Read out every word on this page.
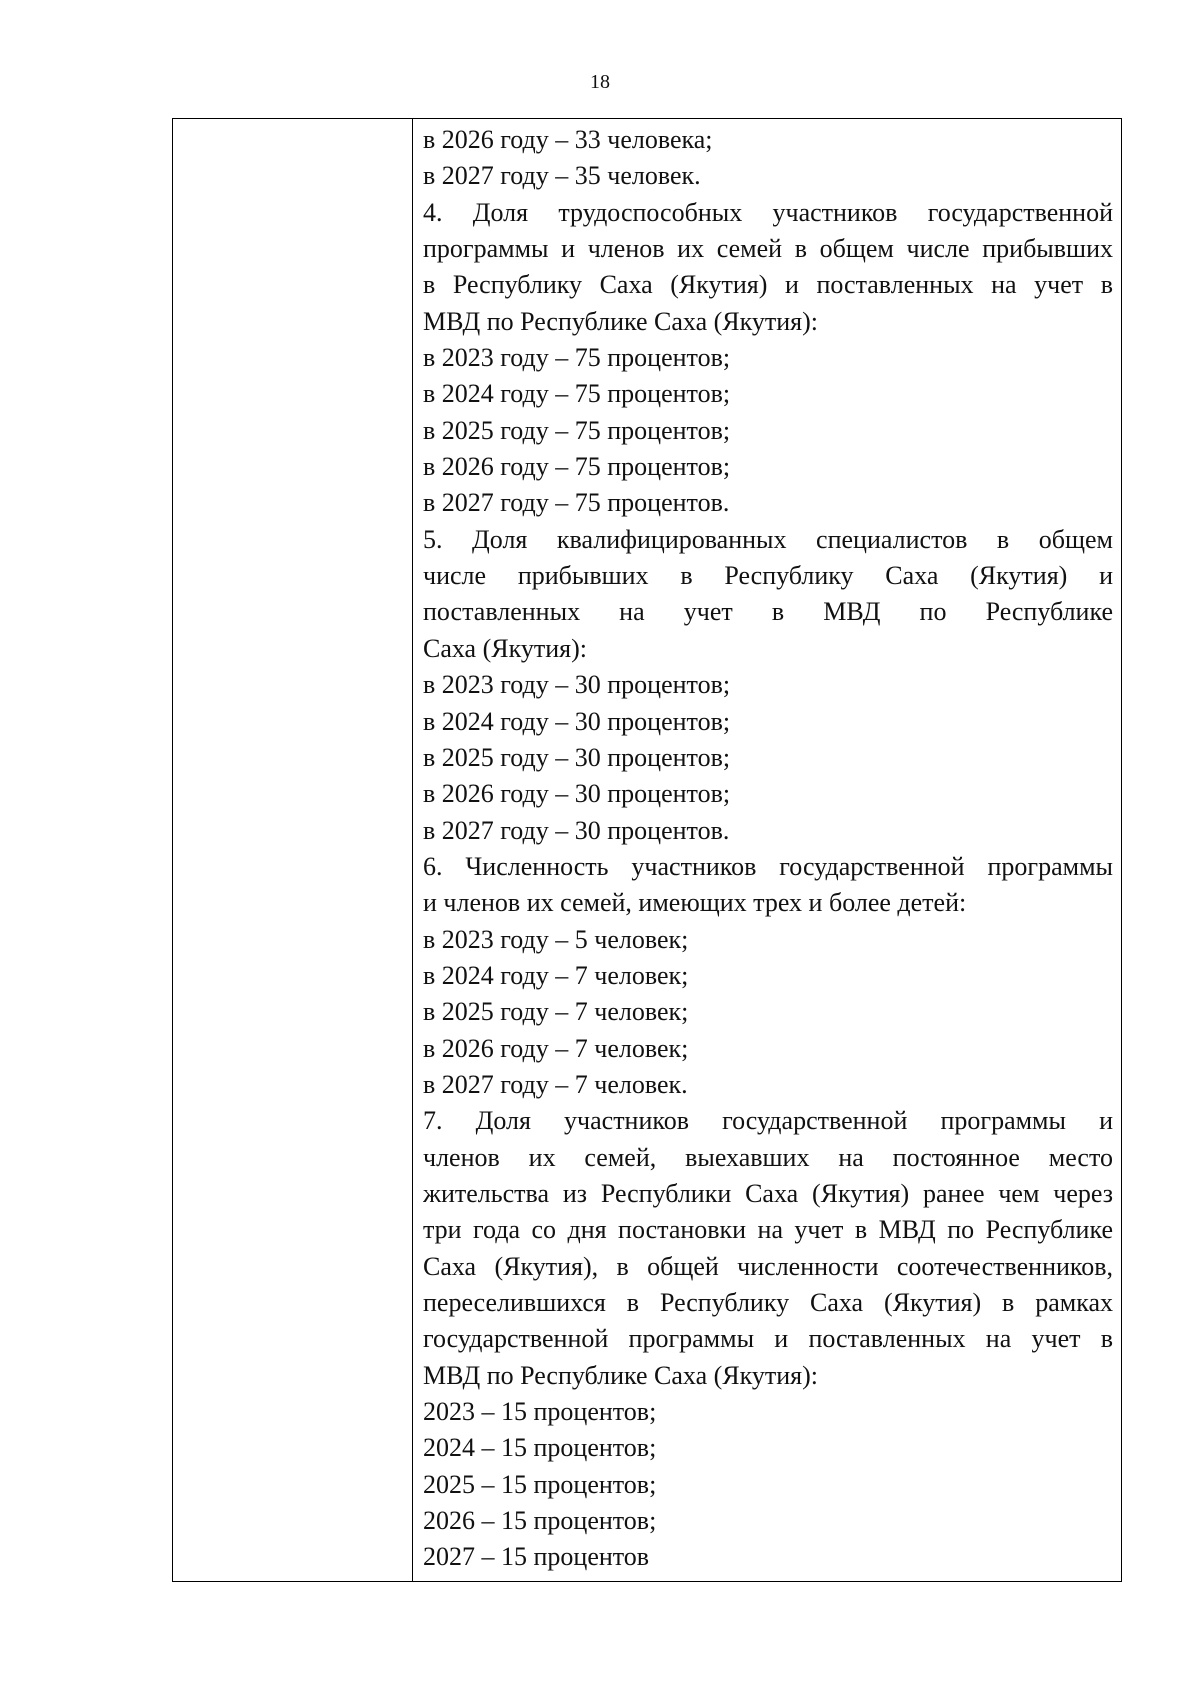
18
в 2026 году – 33 человека;
в 2027 году – 35 человек.
4. Доля трудоспособных участников государственной
программы и членов их семей в общем числе прибывших
в Республику Саха (Якутия) и поставленных на учет в
МВД по Республике Саха (Якутия):
в 2023 году – 75 процентов;
в 2024 году – 75 процентов;
в 2025 году – 75 процентов;
в 2026 году – 75 процентов;
в 2027 году – 75 процентов.
5. Доля квалифицированных специалистов в общем
числе прибывших в Республику Саха (Якутия) и
поставленных на учет в МВД по Республике
Саха (Якутия):
в 2023 году – 30 процентов;
в 2024 году – 30 процентов;
в 2025 году – 30 процентов;
в 2026 году – 30 процентов;
в 2027 году – 30 процентов.
6. Численность участников государственной программы
и членов их семей, имеющих трех и более детей:
в 2023 году – 5 человек;
в 2024 году – 7 человек;
в 2025 году – 7 человек;
в 2026 году – 7 человек;
в 2027 году – 7 человек.
7. Доля участников государственной программы и
членов их семей, выехавших на постоянное место
жительства из Республики Саха (Якутия) ранее чем через
три года со дня постановки на учет в МВД по Республике
Саха (Якутия), в общей численности соотечественников,
переселившихся в Республику Саха (Якутия) в рамках
государственной программы и поставленных на учет в
МВД по Республике Саха (Якутия):
2023 – 15 процентов;
2024 – 15 процентов;
2025 – 15 процентов;
2026 – 15 процентов;
2027 – 15 процентов
